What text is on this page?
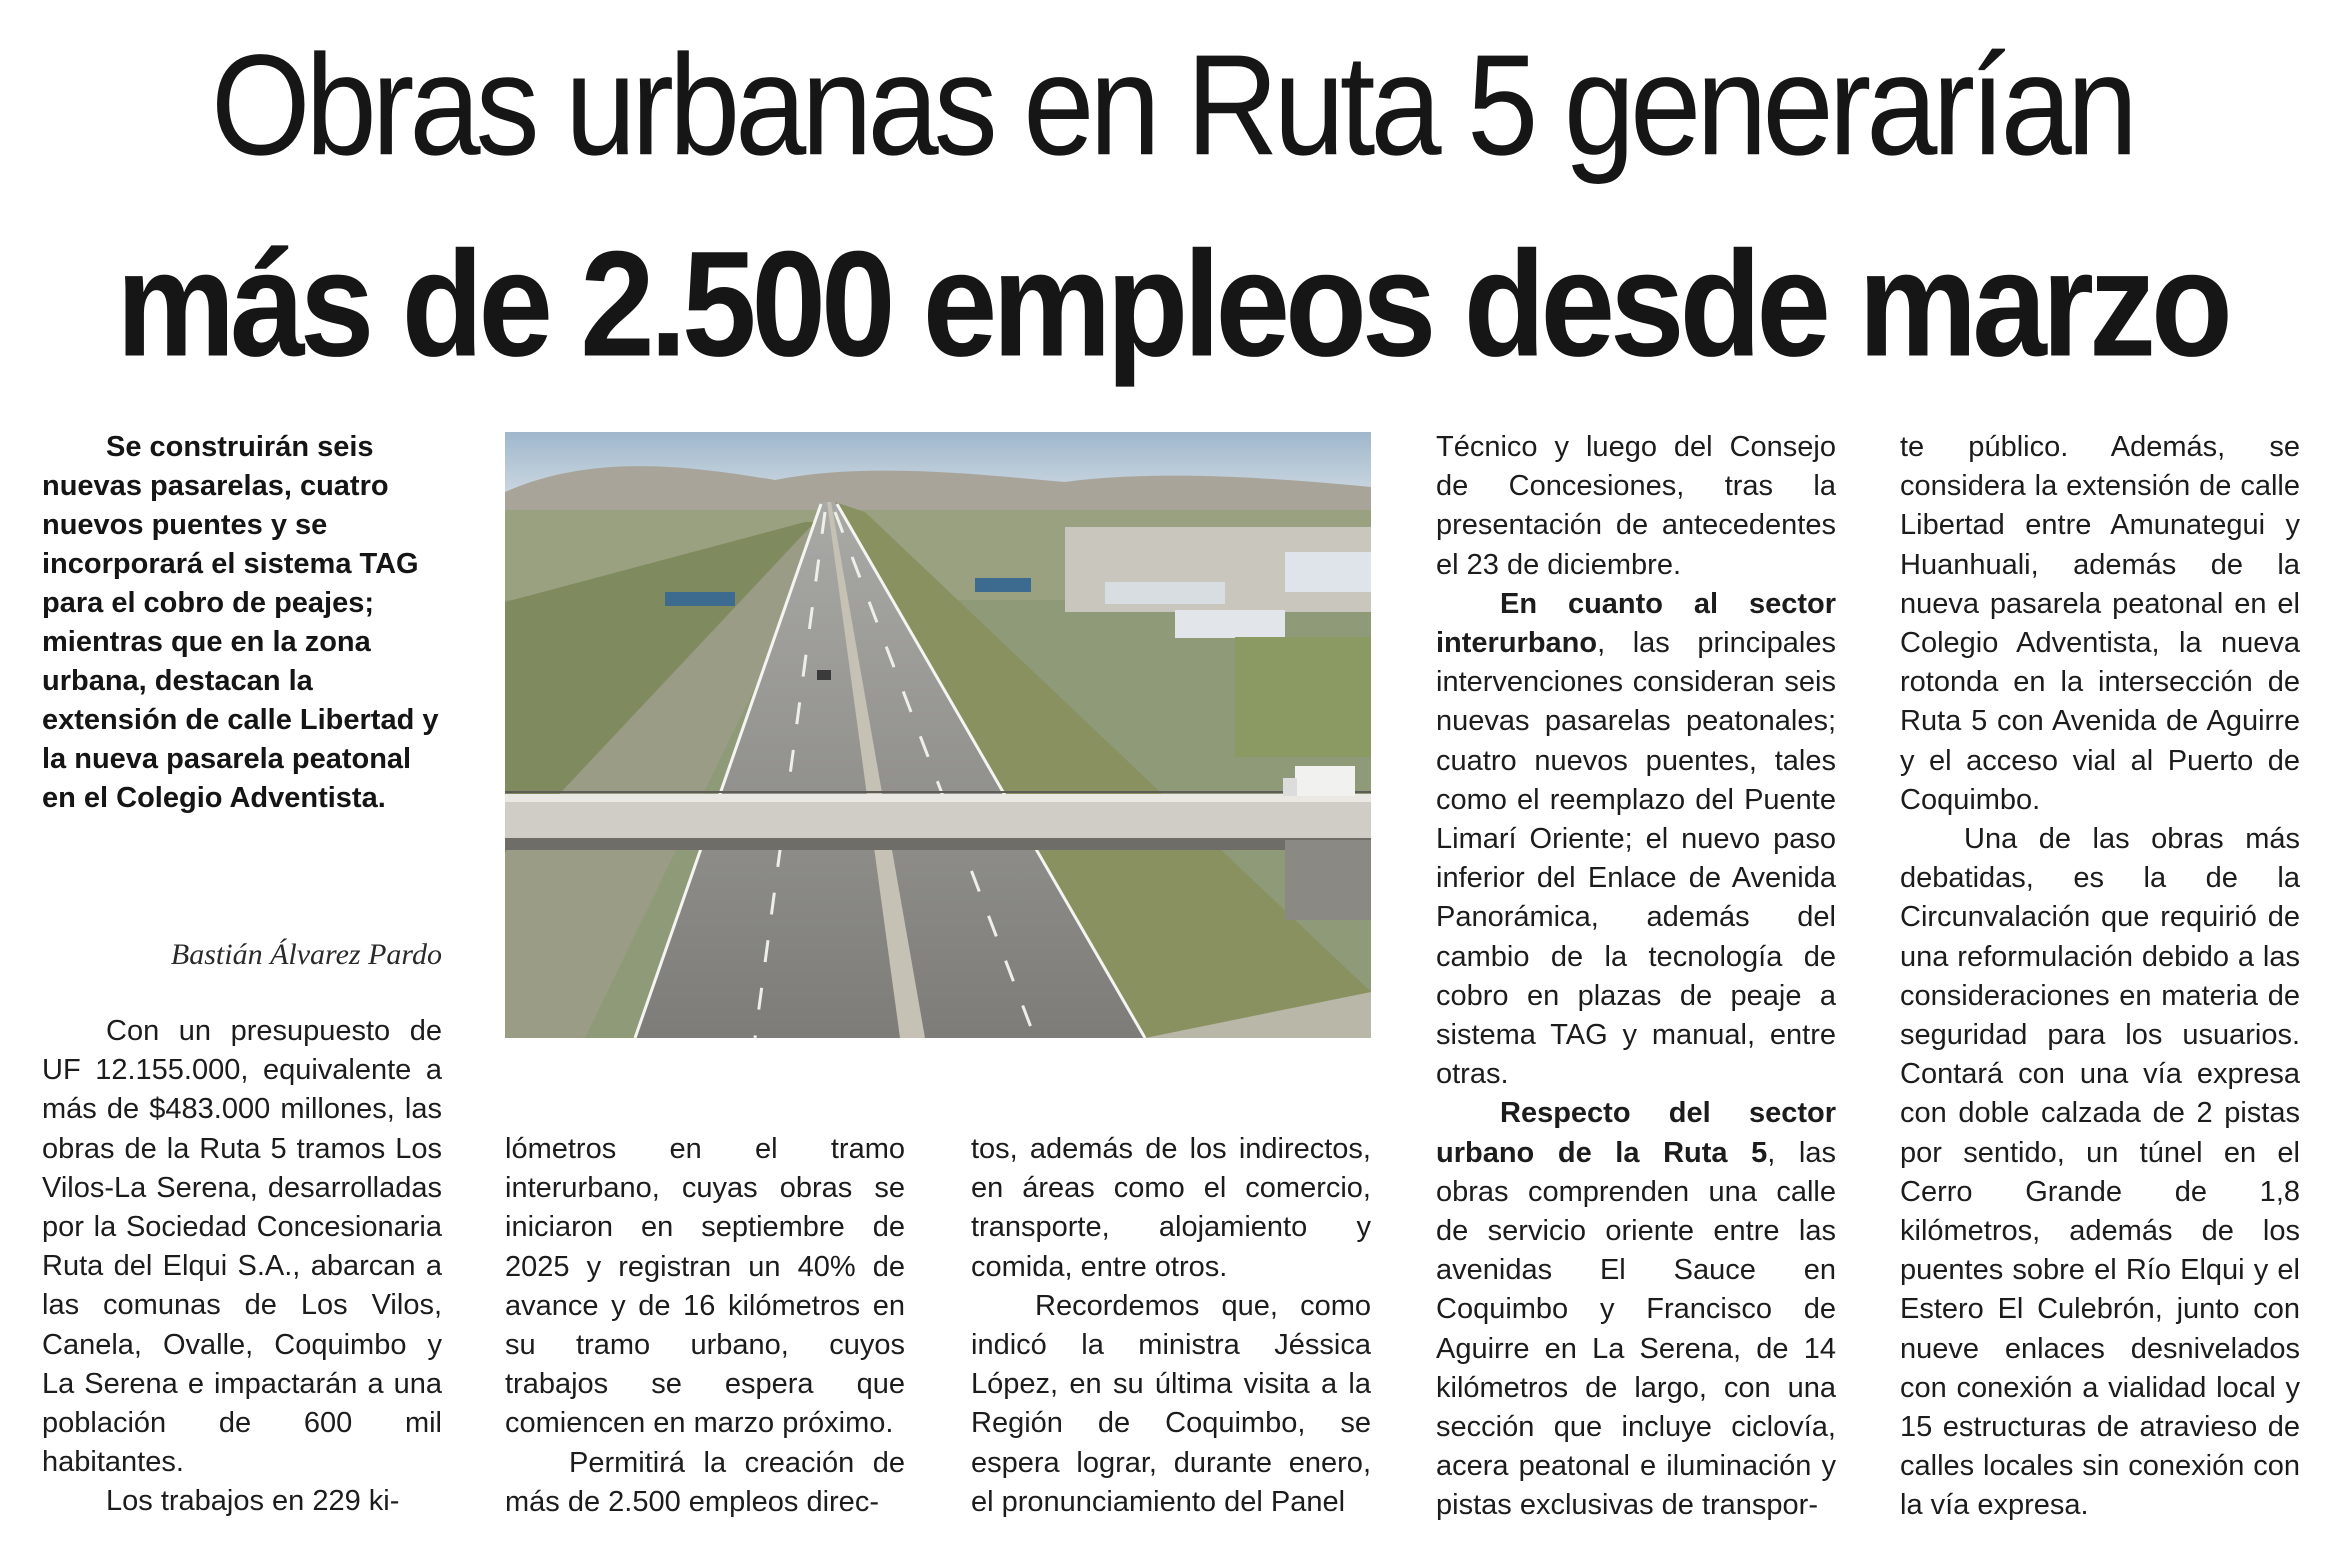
Obras urbanas en Ruta 5 generarían
más de 2.500 empleos desde marzo
Se construirán seis nuevas pasarelas, cuatro nuevos puentes y se incorporará el sistema TAG para el cobro de peajes; mientras que en la zona urbana, destacan la extensión de calle Libertad y la nueva pasarela peatonal en el Colegio Adventista.
Bastián Álvarez Pardo

Con un presupuesto de UF 12.155.000, equivalente a más de $483.000 millones, las obras de la Ruta 5 tramos Los Vilos-La Serena, desarrolladas por la Sociedad Concesionaria Ruta del Elqui S.A., abarcan a las comunas de Los Vilos, Canela, Ovalle, Coquimbo y La Serena e impactarán a una población de 600 mil habitantes.

Los trabajos en 229 ki-

lómetros en el tramo interurbano, cuyas obras se iniciaron en septiembre de 2025 y registran un 40% de avance y de 16 kilómetros en su tramo urbano, cuyos trabajos se espera que comiencen en marzo próximo.

Permitirá la creación de más de 2.500 empleos direc-

tos, además de los indirectos, en áreas como el comercio, transporte, alojamiento y comida, entre otros.

Recordemos que, como indicó la ministra Jéssica López, en su última visita a la Región de Coquimbo, se espera lograr, durante enero, el pronunciamiento del Panel

Técnico y luego del Consejo de Concesiones, tras la presentación de antecedentes el 23 de diciembre.

En cuanto al sector interurbano, las principales intervenciones consideran seis nuevas pasarelas peatonales; cuatro nuevos puentes, tales como el reemplazo del Puente Limarí Oriente; el nuevo paso inferior del Enlace de Avenida Panorámica, además del cambio de la tecnología de cobro en plazas de peaje a sistema TAG y manual, entre otras.

Respecto del sector urbano de la Ruta 5, las obras comprenden una calle de servicio oriente entre las avenidas El Sauce en Coquimbo y Francisco de Aguirre en La Serena, de 14 kilómetros de largo, con una sección que incluye ciclovía, acera peatonal e iluminación y pistas exclusivas de transpor-

te público. Además, se considera la extensión de calle Libertad entre Amunategui y Huanhuali, además de la nueva pasarela peatonal en el Colegio Adventista, la nueva rotonda en la intersección de Ruta 5 con Avenida de Aguirre y el acceso vial al Puerto de Coquimbo.

Una de las obras más debatidas, es la de la Circunvalación que requirió de una reformulación debido a las consideraciones en materia de seguridad para los usuarios. Contará con una vía expresa con doble calzada de 2 pistas por sentido, un túnel en el Cerro Grande de 1,8 kilómetros, además de los puentes sobre el Río Elqui y el Estero El Culebrón, junto con nueve enlaces desnivelados con conexión a vialidad local y 15 estructuras de atravieso de calles locales sin conexión con la vía expresa.
